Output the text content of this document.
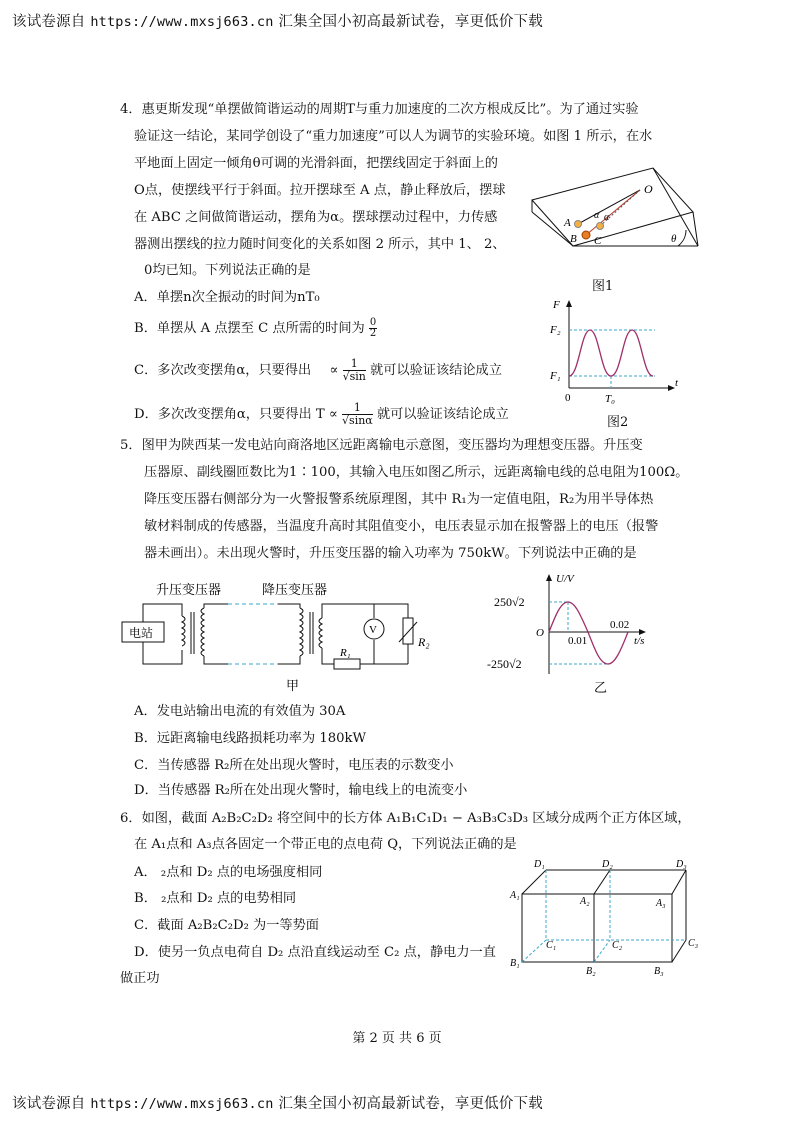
该试卷源自 https://www.mxsj663.cn 汇集全国小初高最新试卷，享更低价下载
4．惠更斯发现“单摆做简谐运动的周期T与重力加速度的二次方根成反比”。为了通过实验
验证这一结论，某同学创设了“重力加速度”可以人为调节的实验环境。如图 1 所示，在水
平地面上固定一倾角θ可调的光滑斜面，把摆线固定于斜面上的
O点，使摆线平行于斜面。拉开摆球至 A 点，静止释放后，摆球
在 ABC 之间做简谐运动，摆角为α。摆球摆动过程中，力传感
器测出摆线的拉力随时间变化的关系如图 2 所示，其中 1、 2、
0均已知。下列说法正确的是
A．单摆n次全振动的时间为nT₀
B．单摆从 A 点摆至 C 点所需的时间为 $\frac{0}{2}$
C．多次改变摆角α，只要得出 ∝ $\frac{1}{√\sin}$ 就可以验证该结论成立
D．多次改变摆角α，只要得出 $T \propto \frac{1}{√\sin\alpha}$ 就可以验证该结论成立
O
A
B C
α α
θ
图1
F
F₂
F₁
0	T₀
t
图2
5．图甲为陕西某一发电站向商洛地区远距离输电示意图，变压器均为理想变压器。升压变
压器原、副线圈匝数比为1∶100，其输入电压如图乙所示，远距离输电线的总电阻为100Ω。
降压变压器右侧部分为一火警报警系统原理图，其中 R₁为一定值电阻，R₂为用半导体热
敏材料制成的传感器，当温度升高时其阻值变小，电压表显示加在报警器上的电压（报警
器未画出）。未出现火警时，升压变压器的输入功率为 750kW。下列说法中正确的是
升压变压器	降压变压器
电站	V
R₁
R₂
甲
U/V
O
250√2
-250√2
0.01
0.02
t/s
乙
A．发电站输出电流的有效值为 30A
B．远距离输电线路损耗功率为 180kW
C．当传感器 R₂所在处出现火警时，电压表的示数变小
D．当传感器 R₂所在处出现火警时，输电线上的电流变小
6．如图，截面 A₂B₂C₂D₂ 将空间中的长方体 A₁B₁C₁D₁ − A₃B₃C₃D₃ 区域分成两个正方体区域，
在 A₁点和 A₃点各固定一个带正电的点电荷 Q，下列说法正确的是
A． ₂点和 D₂ 点的电场强度相同
B． ₂点和 D₂ 点的电势相同
C．截面 A₂B₂C₂D₂ 为一等势面
D．使另一负点电荷自 D₂ 点沿直线运动至 C₂ 点，静电力一直
做正功
D₁	D₂	D₃
A₁
A₂	A₃
C₁	C₂	C₃
B₁
B₂	B₃
第 2 页 共 6 页
该试卷源自 https://www.mxsj663.cn 汇集全国小初高最新试卷，享更低价下载
